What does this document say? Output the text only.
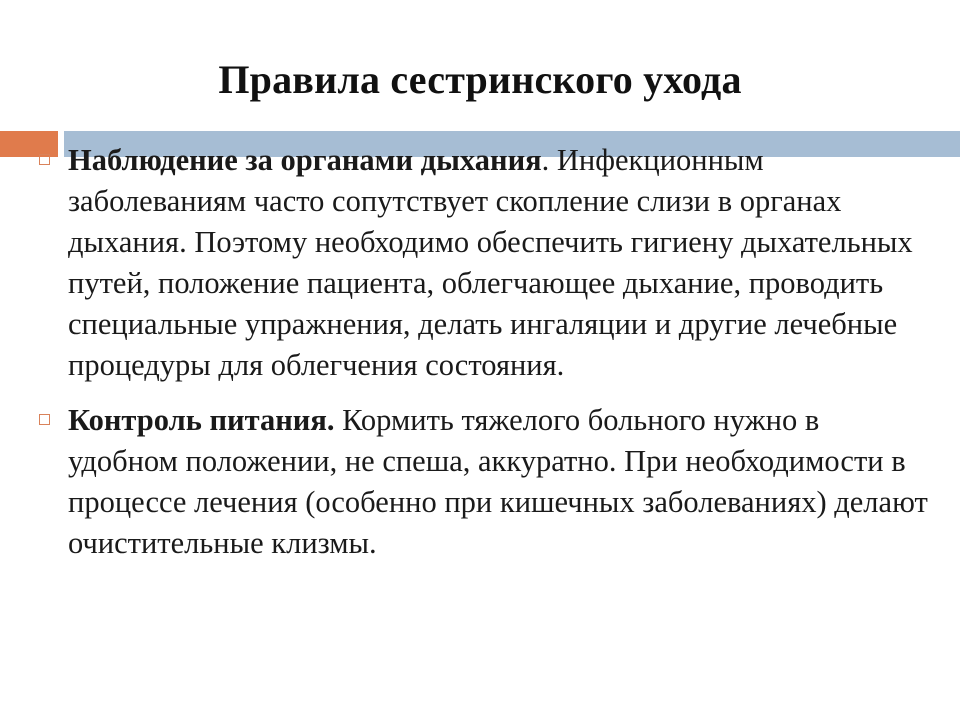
Правила сестринского ухода
Наблюдение за органами дыхания. Инфекционным заболеваниям часто сопутствует скопление слизи в органах дыхания. Поэтому необходимо обеспечить гигиену дыхательных путей, положение пациента, облегчающее дыхание, проводить специальные упражнения, делать ингаляции и другие лечебные процедуры для облегчения состояния.
Контроль питания. Кормить тяжелого больного нужно в удобном положении, не спеша, аккуратно. При необходимости в процессе лечения (особенно при кишечных заболеваниях) делают очистительные клизмы.
